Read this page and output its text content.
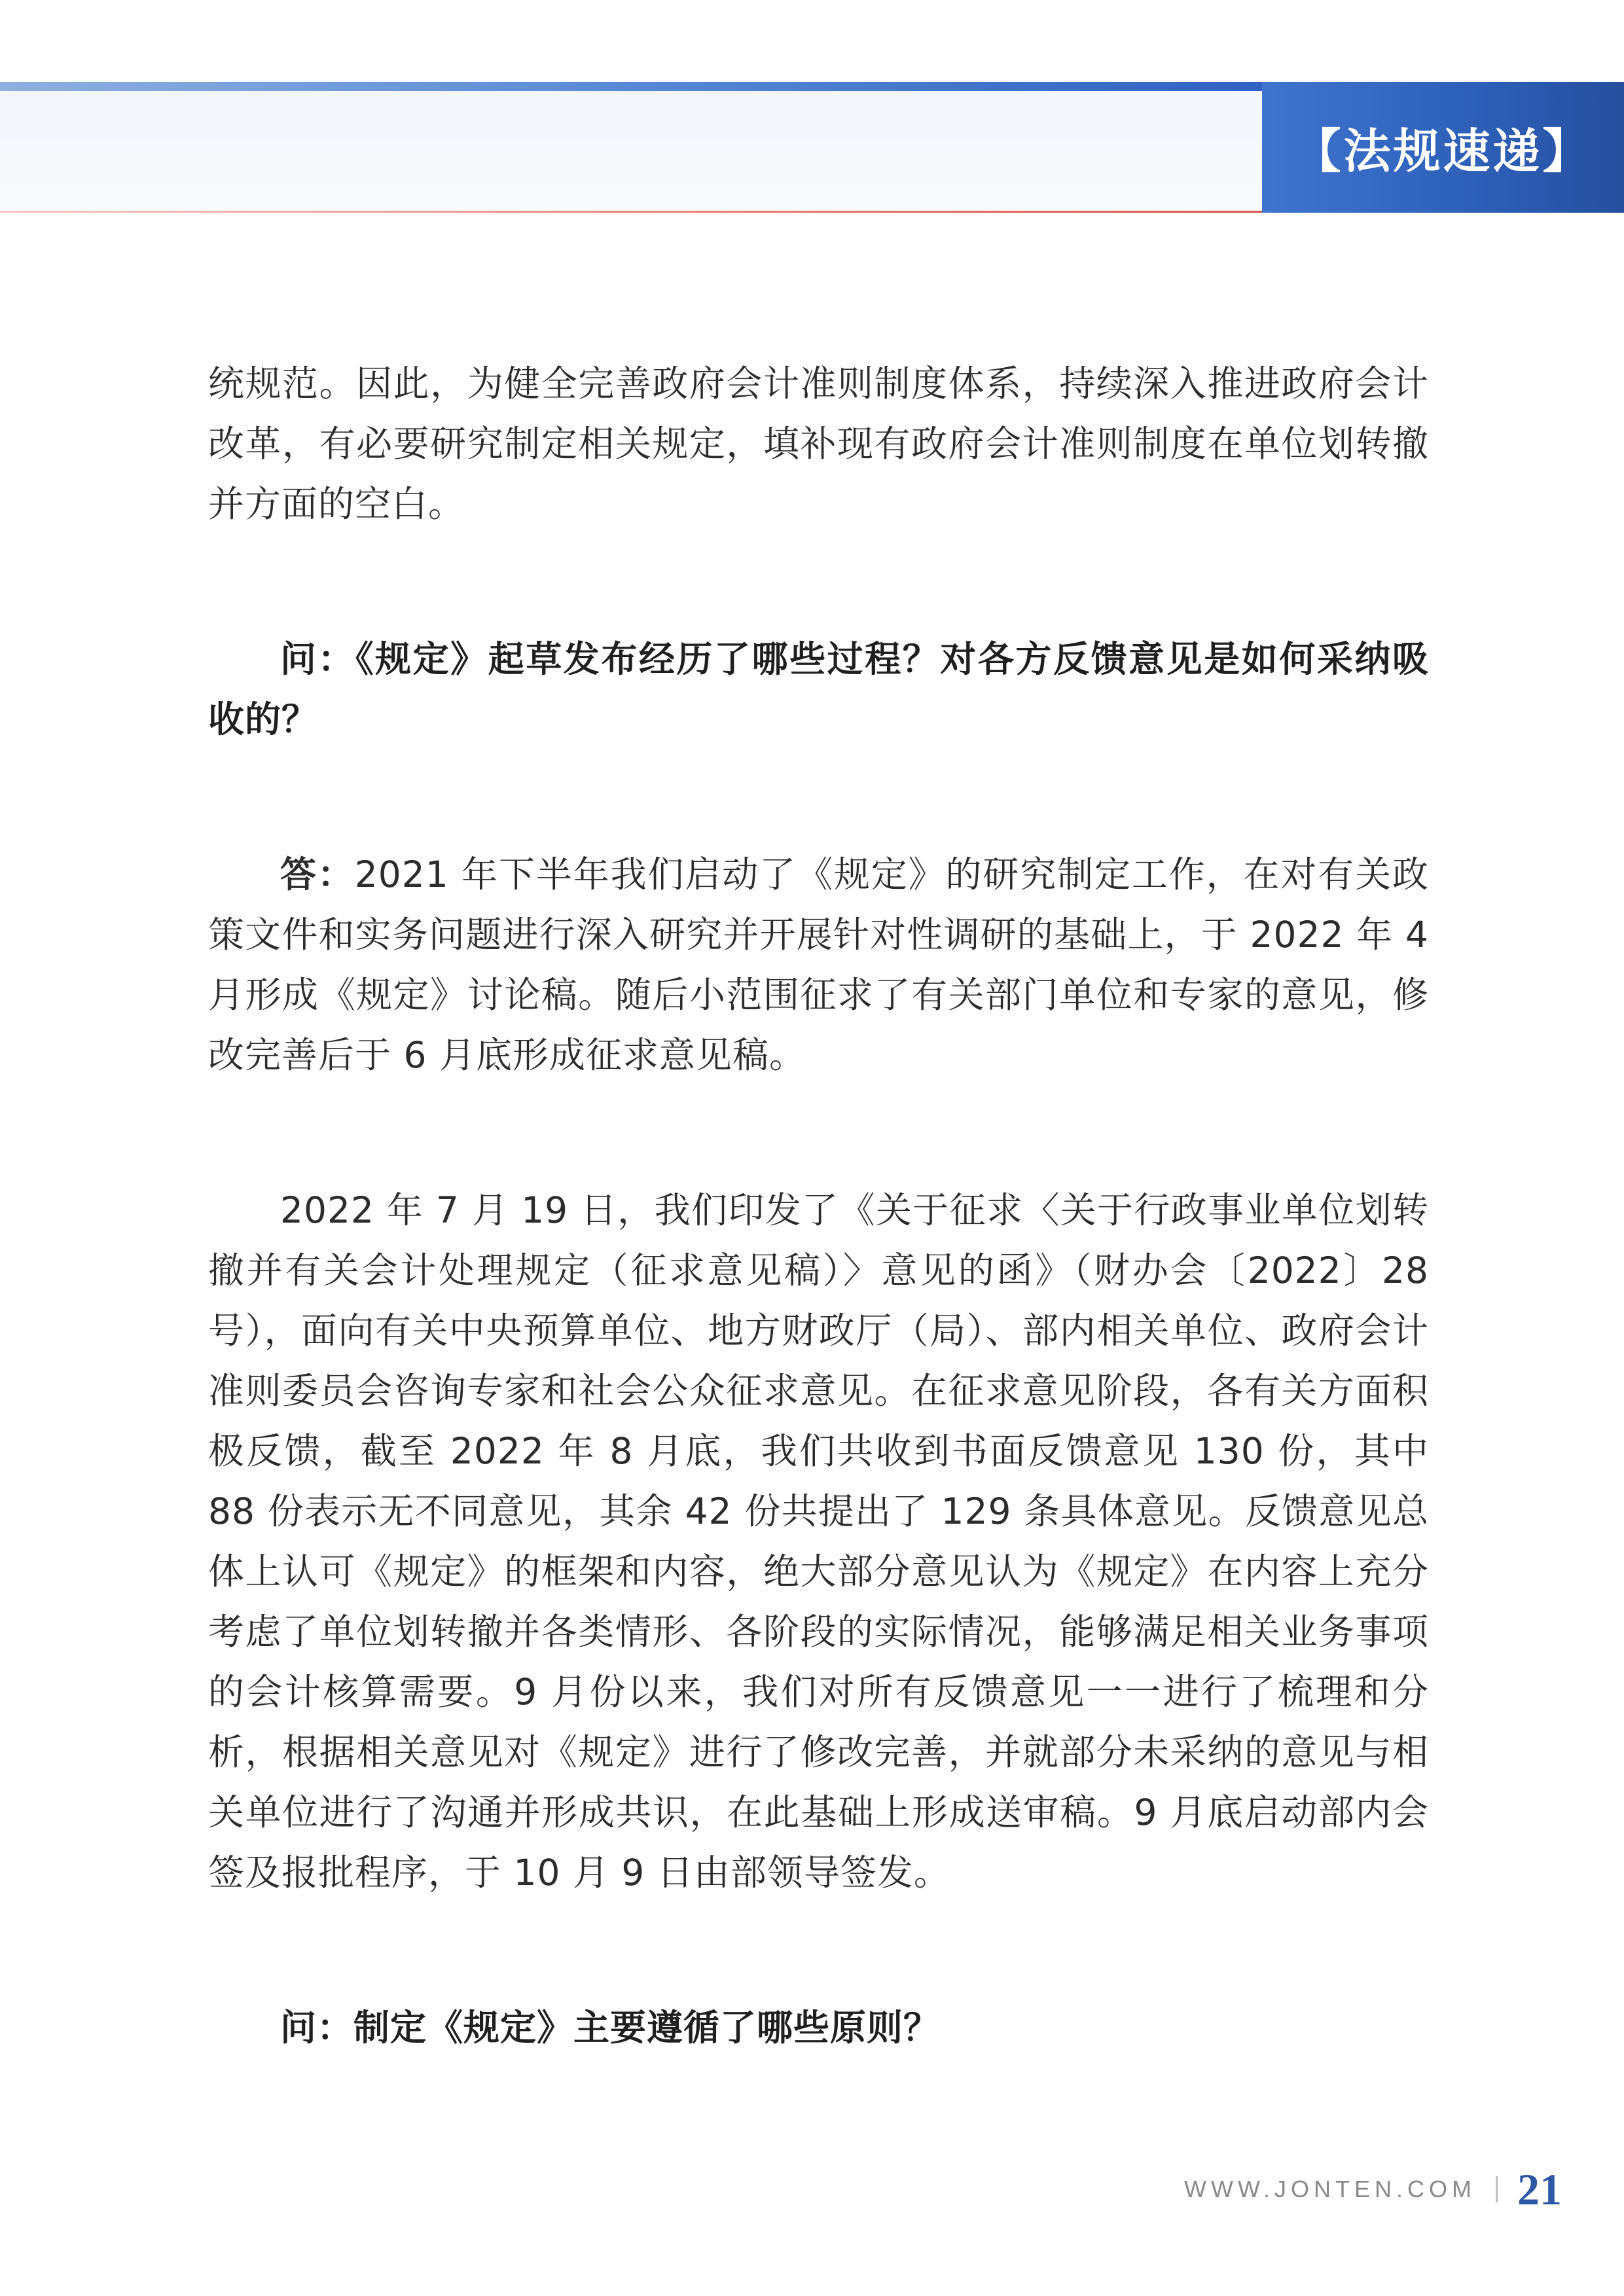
【法规速递】

统规范。因此，为健全完善政府会计准则制度体系，持续深入推进政府会计改革，有必要研究制定相关规定，填补现有政府会计准则制度在单位划转撤并方面的空白。

问：《规定》起草发布经历了哪些过程？对各方反馈意见是如何采纳吸收的？

答：2021 年下半年我们启动了《规定》的研究制定工作，在对有关政策文件和实务问题进行深入研究并开展针对性调研的基础上，于 2022 年 4 月形成《规定》讨论稿。随后小范围征求了有关部门单位和专家的意见，修改完善后于 6 月底形成征求意见稿。

2022 年 7 月 19 日，我们印发了《关于征求〈关于行政事业单位划转撤并有关会计处理规定（征求意见稿）〉意见的函》（财办会〔2022〕28 号），面向有关中央预算单位、地方财政厅（局）、部内相关单位、政府会计准则委员会咨询专家和社会公众征求意见。在征求意见阶段，各有关方面积极反馈，截至 2022 年 8 月底，我们共收到书面反馈意见 130 份，其中 88 份表示无不同意见，其余 42 份共提出了 129 条具体意见。反馈意见总体上认可《规定》的框架和内容，绝大部分意见认为《规定》在内容上充分考虑了单位划转撤并各类情形、各阶段的实际情况，能够满足相关业务事项的会计核算需要。9 月份以来，我们对所有反馈意见一一进行了梳理和分析，根据相关意见对《规定》进行了修改完善，并就部分未采纳的意见与相关单位进行了沟通并形成共识，在此基础上形成送审稿。9 月底启动部内会签及报批程序，于 10 月 9 日由部领导签发。

问：制定《规定》主要遵循了哪些原则？

WWW.JONTEN.COM 21
